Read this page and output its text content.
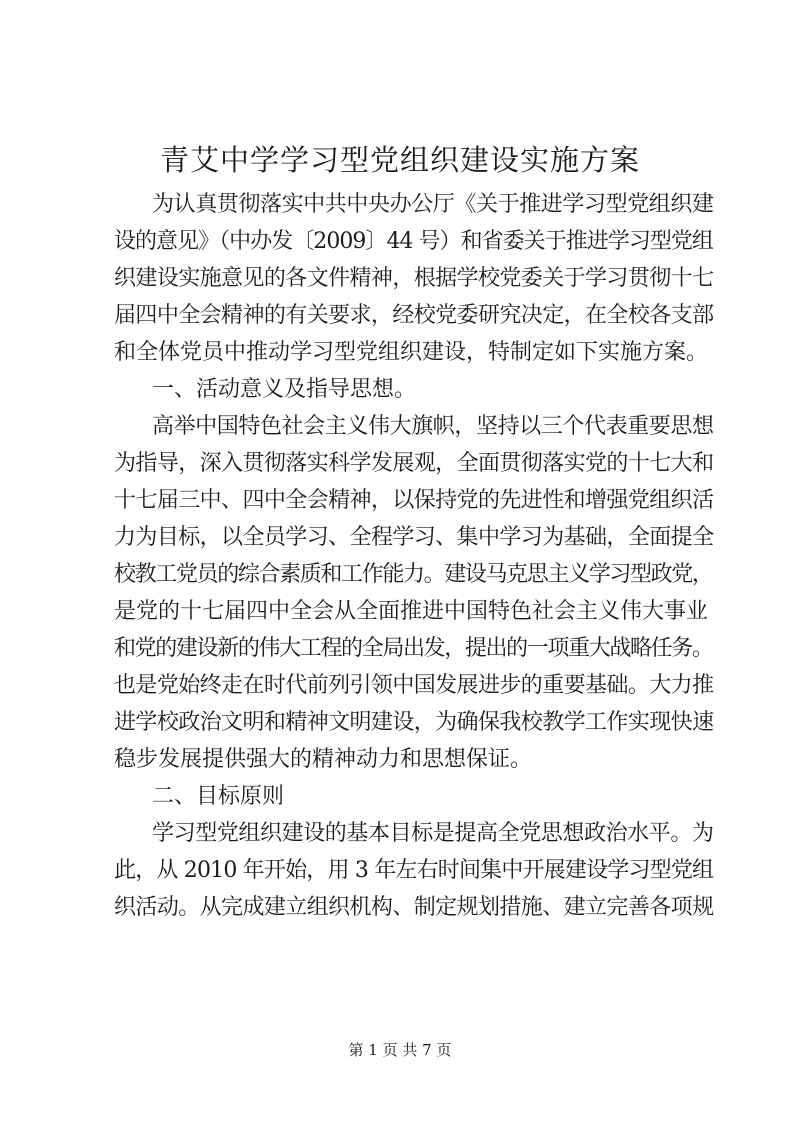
青艾中学学习型党组织建设实施方案
为认真贯彻落实中共中央办公厅《关于推进学习型党组织建
设的意见》（中办发〔2009〕44 号）和省委关于推进学习型党组
织建设实施意见的各文件精神，根据学校党委关于学习贯彻十七
届四中全会精神的有关要求，经校党委研究决定，在全校各支部
和全体党员中推动学习型党组织建设，特制定如下实施方案。
一、活动意义及指导思想。
高举中国特色社会主义伟大旗帜，坚持以三个代表重要思想
为指导，深入贯彻落实科学发展观，全面贯彻落实党的十七大和
十七届三中、四中全会精神，以保持党的先进性和增强党组织活
力为目标，以全员学习、全程学习、集中学习为基础，全面提全
校教工党员的综合素质和工作能力。建设马克思主义学习型政党，
是党的十七届四中全会从全面推进中国特色社会主义伟大事业
和党的建设新的伟大工程的全局出发，提出的一项重大战略任务。
也是党始终走在时代前列引领中国发展进步的重要基础。大力推
进学校政治文明和精神文明建设，为确保我校教学工作实现快速
稳步发展提供强大的精神动力和思想保证。
二、目标原则
学习型党组织建设的基本目标是提高全党思想政治水平。为
此，从 2010 年开始，用 3 年左右时间集中开展建设学习型党组
织活动。从完成建立组织机构、制定规划措施、建立完善各项规
第 1 页 共 7 页
